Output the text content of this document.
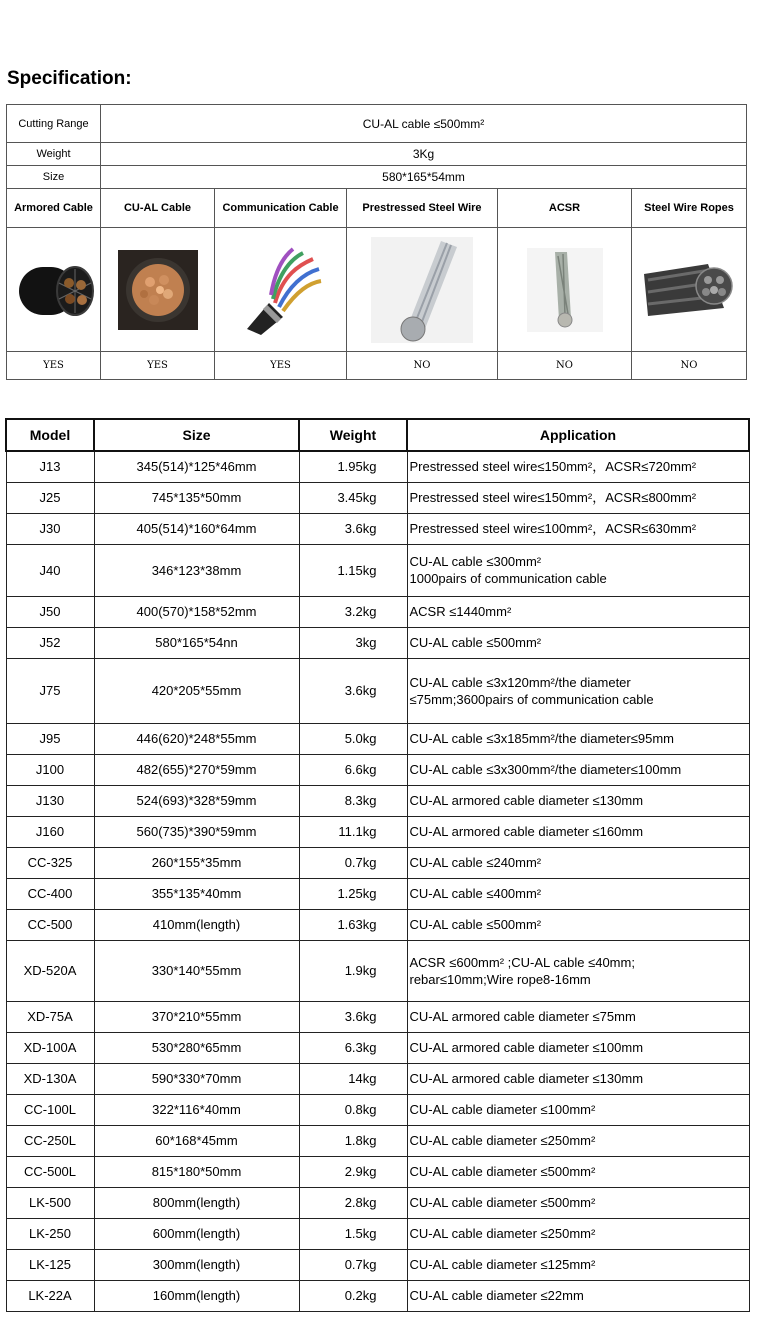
Specification:
Cutting Range	CU-AL cable ≤500mm²				
Weight	3Kg				
Size	580*165*54mm				
Armored Cable	CU-AL Cable	Communication Cable	Prestressed Steel Wire	ACSR	Steel Wire Ropes

YES	YES	YES	NO	NO	NO
Model	Size	Weight	Application
J13	345(514)*125*46mm	1.95kg	Prestressed steel wire≤150mm²，ACSR≤720mm²
J25	745*135*50mm	3.45kg	Prestressed steel wire≤150mm²，ACSR≤800mm²
J30	405(514)*160*64mm	3.6kg	Prestressed steel wire≤100mm²，ACSR≤630mm²
J40	346*123*38mm	1.15kg	CU-AL cable ≤300mm²
1000pairs of communication cable
J50	400(570)*158*52mm	3.2kg	ACSR ≤1440mm²
J52	580*165*54nn	3kg	CU-AL cable ≤500mm²
J75	420*205*55mm	3.6kg	CU-AL cable ≤3x120mm²/the diameter
≤75mm;3600pairs of communication cable
J95	446(620)*248*55mm	5.0kg	CU-AL cable ≤3x185mm²/the diameter≤95mm
J100	482(655)*270*59mm	6.6kg	CU-AL cable ≤3x300mm²/the diameter≤100mm
J130	524(693)*328*59mm	8.3kg	CU-AL armored cable diameter ≤130mm
J160	560(735)*390*59mm	11.1kg	CU-AL armored cable diameter ≤160mm
CC-325	260*155*35mm	0.7kg	CU-AL cable ≤240mm²
CC-400	355*135*40mm	1.25kg	CU-AL cable ≤400mm²
CC-500	410mm(length)	1.63kg	CU-AL cable ≤500mm²
XD-520A	330*140*55mm	1.9kg	ACSR ≤600mm² ;CU-AL cable ≤40mm;
rebar≤10mm;Wire rope8-16mm
XD-75A	370*210*55mm	3.6kg	CU-AL armored cable diameter ≤75mm
XD-100A	530*280*65mm	6.3kg	CU-AL armored cable diameter ≤100mm
XD-130A	590*330*70mm	14kg	CU-AL armored cable diameter ≤130mm
CC-100L	322*116*40mm	0.8kg	CU-AL cable diameter ≤100mm²
CC-250L	60*168*45mm	1.8kg	CU-AL cable diameter ≤250mm²
CC-500L	815*180*50mm	2.9kg	CU-AL cable diameter ≤500mm²
LK-500	800mm(length)	2.8kg	CU-AL cable diameter ≤500mm²
LK-250	600mm(length)	1.5kg	CU-AL cable diameter ≤250mm²
LK-125	300mm(length)	0.7kg	CU-AL cable diameter ≤125mm²
LK-22A	160mm(length)	0.2kg	CU-AL cable diameter ≤22mm
